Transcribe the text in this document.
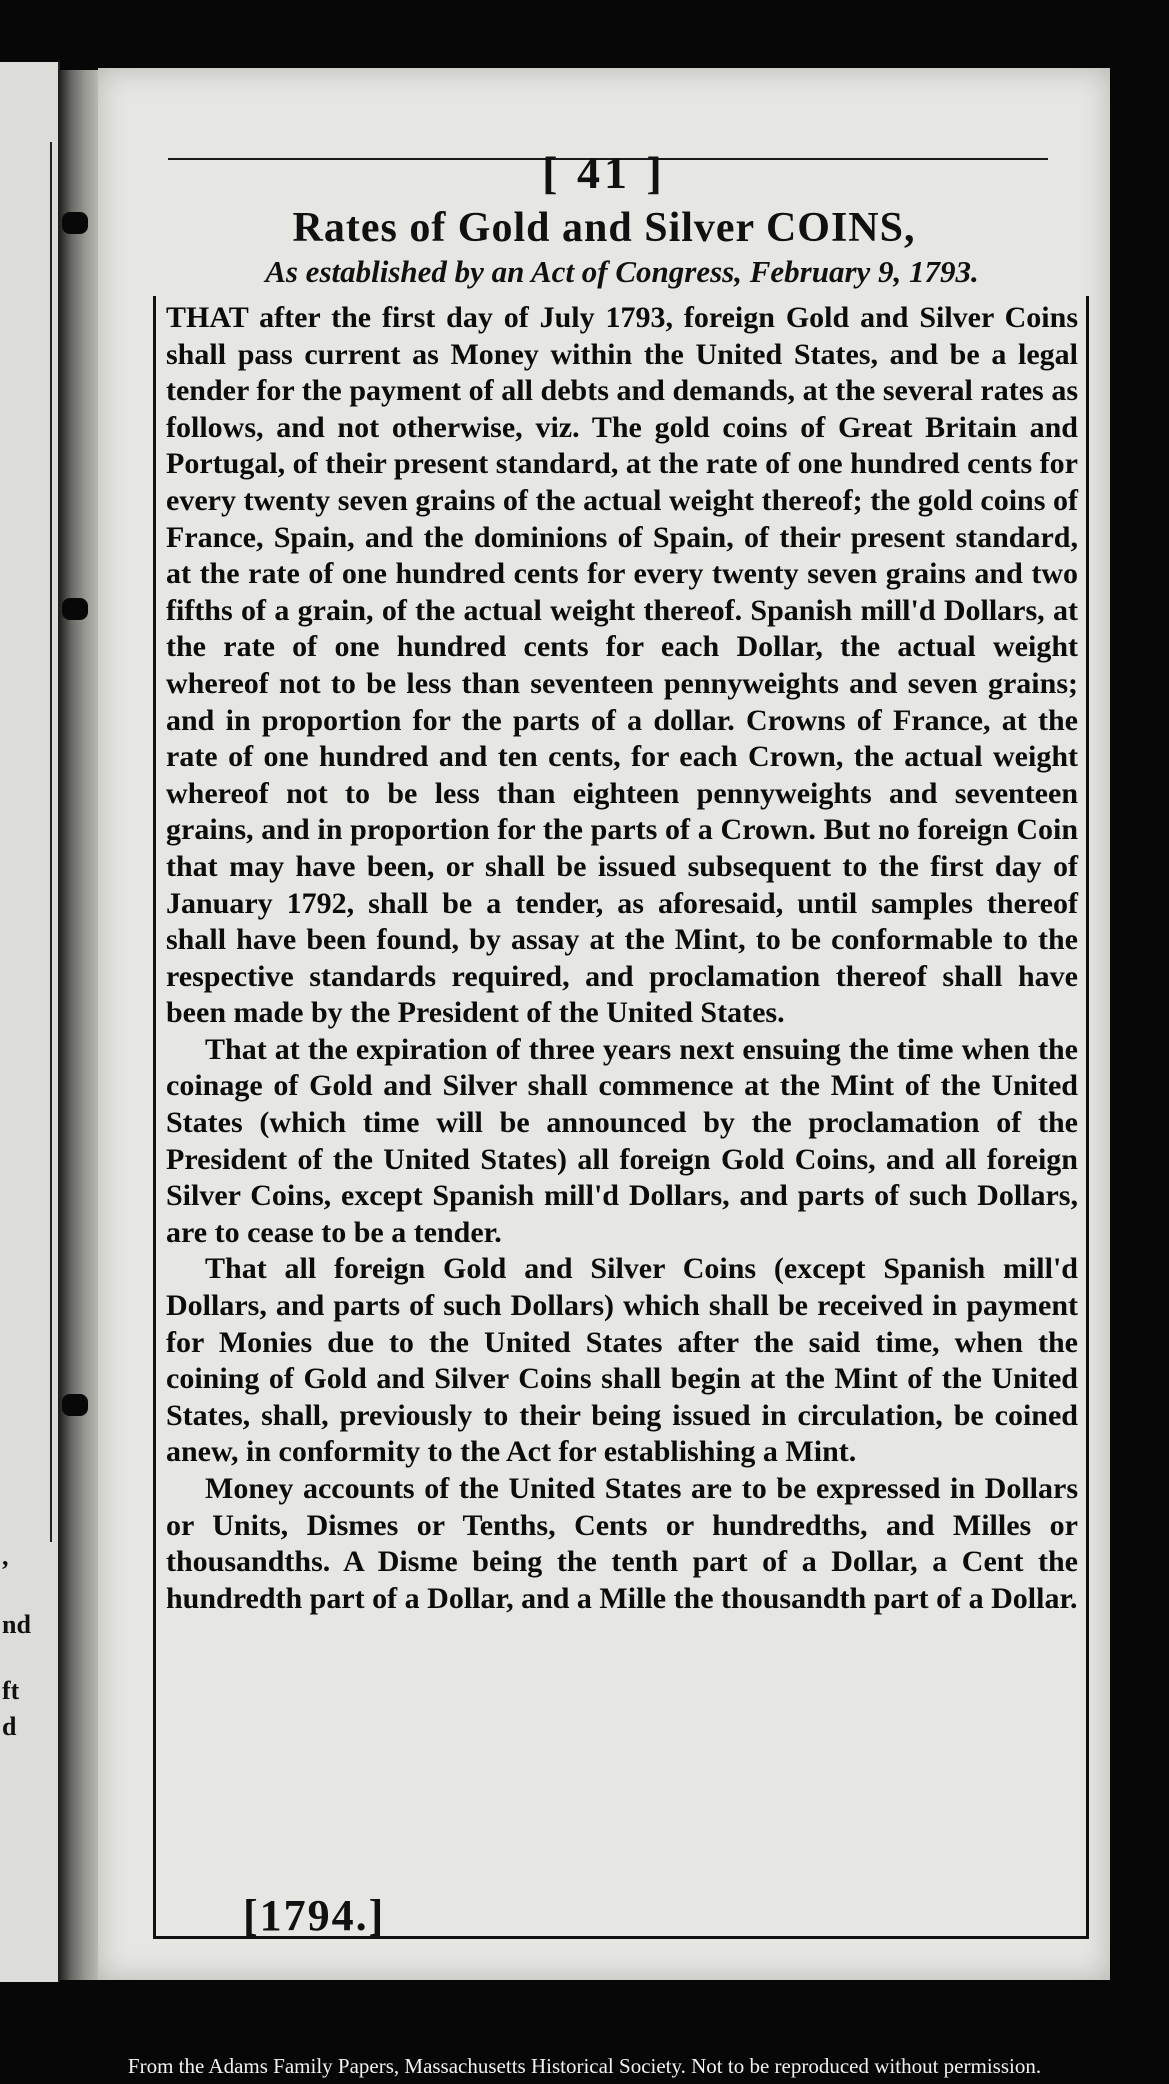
,
nd
ft
d
[ 41 ]
Rates of Gold and Silver COINS,
As established by an Act of Congress, February 9, 1793.

THAT after the first day of July 1793, foreign Gold and Silver Coins shall pass current as Money within the United States, and be a legal tender for the payment of all debts and demands, at the several rates as follows, and not otherwise, viz. The gold coins of Great Britain and Portugal, of their present standard, at the rate of one hundred cents for every twenty seven grains of the actual weight thereof; the gold coins of France, Spain, and the dominions of Spain, of their present standard, at the rate of one hundred cents for every twenty seven grains and two fifths of a grain, of the actual weight thereof. Spanish mill'd Dollars, at the rate of one hundred cents for each Dollar, the actual weight whereof not to be less than seventeen pennyweights and seven grains; and in proportion for the parts of a dollar. Crowns of France, at the rate of one hundred and ten cents, for each Crown, the actual weight whereof not to be less than eighteen pennyweights and seventeen grains, and in proportion for the parts of a Crown. But no foreign Coin that may have been, or shall be issued subsequent to the first day of January 1792, shall be a tender, as aforesaid, until samples thereof shall have been found, by assay at the Mint, to be conformable to the respective standards required, and proclamation thereof shall have been made by the President of the United States.

That at the expiration of three years next ensuing the time when the coinage of Gold and Silver shall commence at the Mint of the United States (which time will be announced by the proclamation of the President of the United States) all foreign Gold Coins, and all foreign Silver Coins, except Spanish mill'd Dollars, and parts of such Dollars, are to cease to be a tender.

That all foreign Gold and Silver Coins (except Spanish mill'd Dollars, and parts of such Dollars) which shall be received in payment for Monies due to the United States after the said time, when the coining of Gold and Silver Coins shall begin at the Mint of the United States, shall, previously to their being issued in circulation, be coined anew, in conformity to the Act for establishing a Mint.

Money accounts of the United States are to be expressed in Dollars or Units, Dismes or Tenths, Cents or hundredths, and Milles or thousandths. A Disme being the tenth part of a Dollar, a Cent the hundredth part of a Dollar, and a Mille the thousandth part of a Dollar.

[1794.]
From the Adams Family Papers, Massachusetts Historical Society. Not to be reproduced without permission.
